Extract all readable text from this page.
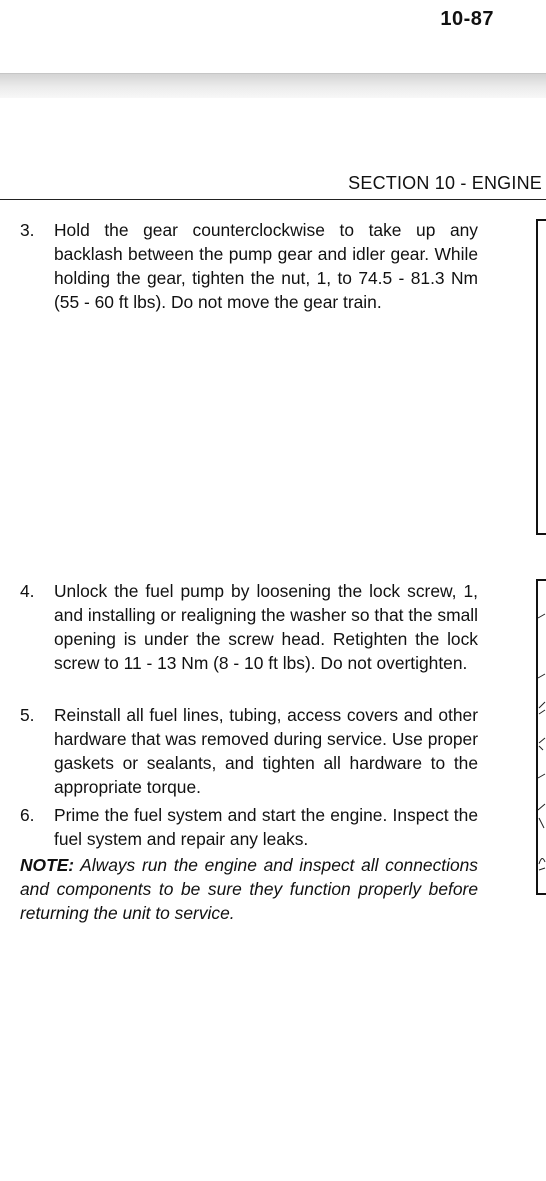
10-87
SECTION 10 - ENGINE
3.	Hold the gear counterclockwise to take up any backlash between the pump gear and idler gear. While holding the gear, tighten the nut, 1, to 74.5 - 81.3 Nm (55 - 60 ft lbs). Do not move the gear train.
4.	Unlock the fuel pump by loosening the lock screw, 1, and installing or realigning the washer so that the small opening is under the screw head. Retighten the lock screw to 11 - 13 Nm (8 - 10 ft lbs). Do not overtighten.
5.	Reinstall all fuel lines, tubing, access covers and other hardware that was removed during service. Use proper gaskets or sealants, and tighten all hardware to the appropriate torque.
6.	Prime the fuel system and start the engine. Inspect the fuel system and repair any leaks.
NOTE: Always run the engine and inspect all connections and components to be sure they function properly before returning the unit to service.
